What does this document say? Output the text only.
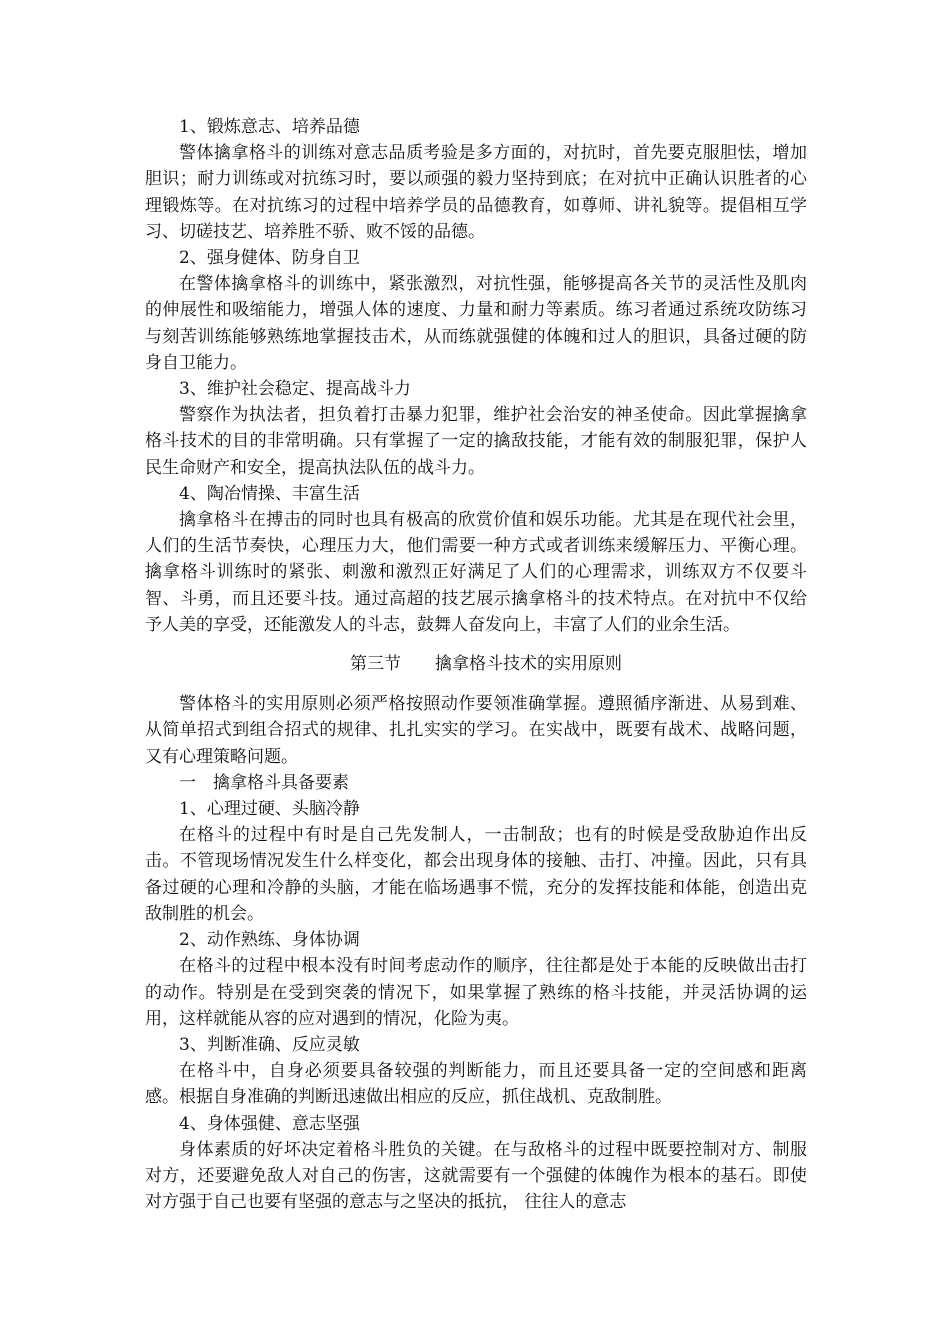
1、锻炼意志、培养品德

警体擒拿格斗的训练对意志品质考验是多方面的，对抗时，首先要克服胆怯，增加胆识；耐力训练或对抗练习时，要以顽强的毅力坚持到底；在对抗中正确认识胜者的心理锻炼等。在对抗练习的过程中培养学员的品德教育，如尊师、讲礼貌等。提倡相互学习、切磋技艺、培养胜不骄、败不馁的品德。

2、强身健体、防身自卫

在警体擒拿格斗的训练中，紧张激烈，对抗性强，能够提高各关节的灵活性及肌肉的伸展性和吸缩能力，增强人体的速度、力量和耐力等素质。练习者通过系统攻防练习与刻苦训练能够熟练地掌握技击术，从而练就强健的体魄和过人的胆识，具备过硬的防身自卫能力。

3、维护社会稳定、提高战斗力

警察作为执法者，担负着打击暴力犯罪，维护社会治安的神圣使命。因此掌握擒拿格斗技术的目的非常明确。只有掌握了一定的擒敌技能，才能有效的制服犯罪，保护人民生命财产和安全，提高执法队伍的战斗力。

4、陶冶情操、丰富生活

擒拿格斗在搏击的同时也具有极高的欣赏价值和娱乐功能。尤其是在现代社会里，人们的生活节奏快，心理压力大，他们需要一种方式或者训练来缓解压力、平衡心理。擒拿格斗训练时的紧张、刺激和激烈正好满足了人们的心理需求，训练双方不仅要斗智、斗勇，而且还要斗技。通过高超的技艺展示擒拿格斗的技术特点。在对抗中不仅给予人美的享受，还能激发人的斗志，鼓舞人奋发向上，丰富了人们的业余生活。

第三节　　擒拿格斗技术的实用原则

警体格斗的实用原则必须严格按照动作要领准确掌握。遵照循序渐进、从易到难、从简单招式到组合招式的规律、扎扎实实的学习。在实战中，既要有战术、战略问题，又有心理策略问题。

一　擒拿格斗具备要素

1、心理过硬、头脑冷静

在格斗的过程中有时是自己先发制人，一击制敌；也有的时候是受敌胁迫作出反击。不管现场情况发生什么样变化，都会出现身体的接触、击打、冲撞。因此，只有具备过硬的心理和冷静的头脑，才能在临场遇事不慌，充分的发挥技能和体能，创造出克敌制胜的机会。

2、动作熟练、身体协调

在格斗的过程中根本没有时间考虑动作的顺序，往往都是处于本能的反映做出击打的动作。特别是在受到突袭的情况下，如果掌握了熟练的格斗技能，并灵活协调的运用，这样就能从容的应对遇到的情况，化险为夷。

3、判断准确、反应灵敏

在格斗中，自身必须要具备较强的判断能力，而且还要具备一定的空间感和距离感。根据自身准确的判断迅速做出相应的反应，抓住战机、克敌制胜。

4、身体强健、意志坚强

身体素质的好坏决定着格斗胜负的关键。在与敌格斗的过程中既要控制对方、制服对方，还要避免敌人对自己的伤害，这就需要有一个强健的体魄作为根本的基石。即使对方强于自己也要有坚强的意志与之坚决的抵抗， 往往人的意志
